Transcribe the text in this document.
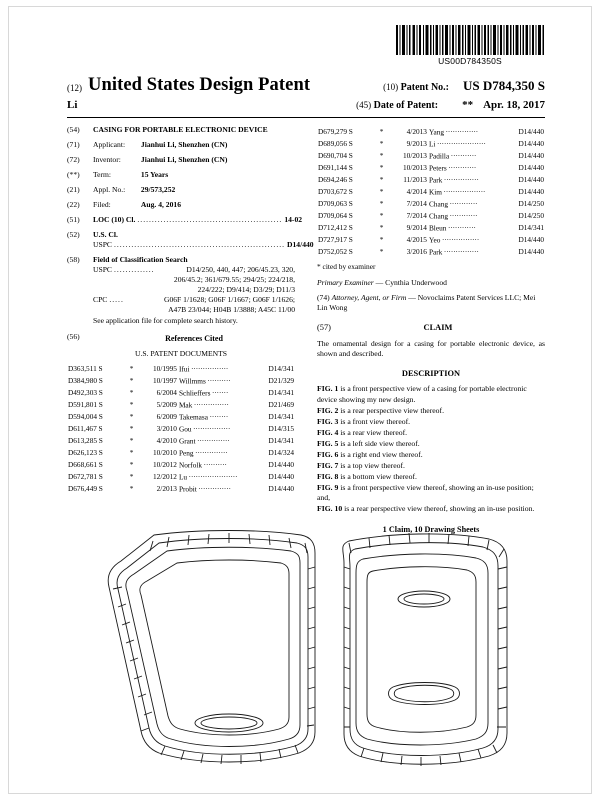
US00D784350S
(12) United States Design Patent	(10) Patent No.:	US D784,350 S
Li	(45) Date of Patent:	** Apr. 18, 2017
(54)	CASING FOR PORTABLE ELECTRONIC DEVICE
(71)	Applicant: Jianhui Li, Shenzhen (CN)
(72)	Inventor:	Jianhui Li, Shenzhen (CN)
(**)	Term:	15 Years
(21)	Appl. No.: 29/573,252
(22)	Filed:	Aug. 4, 2016
(51)	LOC (10) Cl. .................................................. 14-02
(52)	U.S. Cl.
USPC ........................................................... D14/440
(58)	Field of Classification Search
USPC ..............	D14/250, 440, 447; 206/45.23, 320,
206/45.2; 361/679.55; 294/25; 224/218,
224/222; D9/414; D3/29; D11/3
CPC .....	G06F 1/1628; G06F 1/1667; G06F 1/1626;
A47B 23/044; H04B 1/3888; A45C 11/00
See application file for complete search history.
(56)	References Cited
U.S. PATENT DOCUMENTS
D363,511 S	*	10/1995	Ifui ................	D14/341
D384,980 S	*	10/1997	Willmms ..........	D21/329
D492,303 S	*	6/2004	Schlieffers .......	D14/341
D591,801 S	*	5/2009	Mak ...............	D21/469
D594,004 S	*	6/2009	Takemasa ........	D14/341
D611,467 S	*	3/2010	Gou ................	D14/315
D613,285 S	*	4/2010	Grant ..............	D14/341
D626,123 S	*	10/2010	Peng ..............	D14/324
D668,661 S	*	10/2012	Norfolk ..........	D14/440
D672,781 S	*	12/2012	Lu .....................	D14/440
D676,449 S	*	2/2013	Probit ..............	D14/440
D679,279 S	*	4/2013	Yang ..............	D14/440
D689,056 S	*	9/2013	Li .....................	D14/440
D690,704 S	*	10/2013	Padilla ...........	D14/440
D691,144 S	*	10/2013	Peters ............	D14/440
D694,246 S	*	11/2013	Park ...............	D14/440
D703,672 S	*	4/2014	Kim ..................	D14/440
D709,063 S	*	7/2014	Chang ............	D14/250
D709,064 S	*	7/2014	Chang ............	D14/250
D712,412 S	*	9/2014	Bleun ............	D14/341
D727,917 S	*	4/2015	Yeo ................	D14/440
D752,052 S	*	3/2016	Park ...............	D14/440
* cited by examiner
Primary Examiner — Cynthia Underwood
(74) Attorney, Agent, or Firm — Novoclaims Patent Services LLC; Mei Lin Wong
(57)	CLAIM
The ornamental design for a casing for portable electronic device, as shown and described.
DESCRIPTION
FIG. 1 is a front perspective view of a casing for portable electronic device showing my new design.
FIG. 2 is a rear perspective view thereof.
FIG. 3 is a front view thereof.
FIG. 4 is a rear view thereof.
FIG. 5 is a left side view thereof.
FIG. 6 is a right end view thereof.
FIG. 7 is a top view thereof.
FIG. 8 is a bottom view thereof.
FIG. 9 is a front perspective view thereof, showing an in-use position; and,
FIG. 10 is a rear perspective view thereof, showing an in-use position.
1 Claim, 10 Drawing Sheets
